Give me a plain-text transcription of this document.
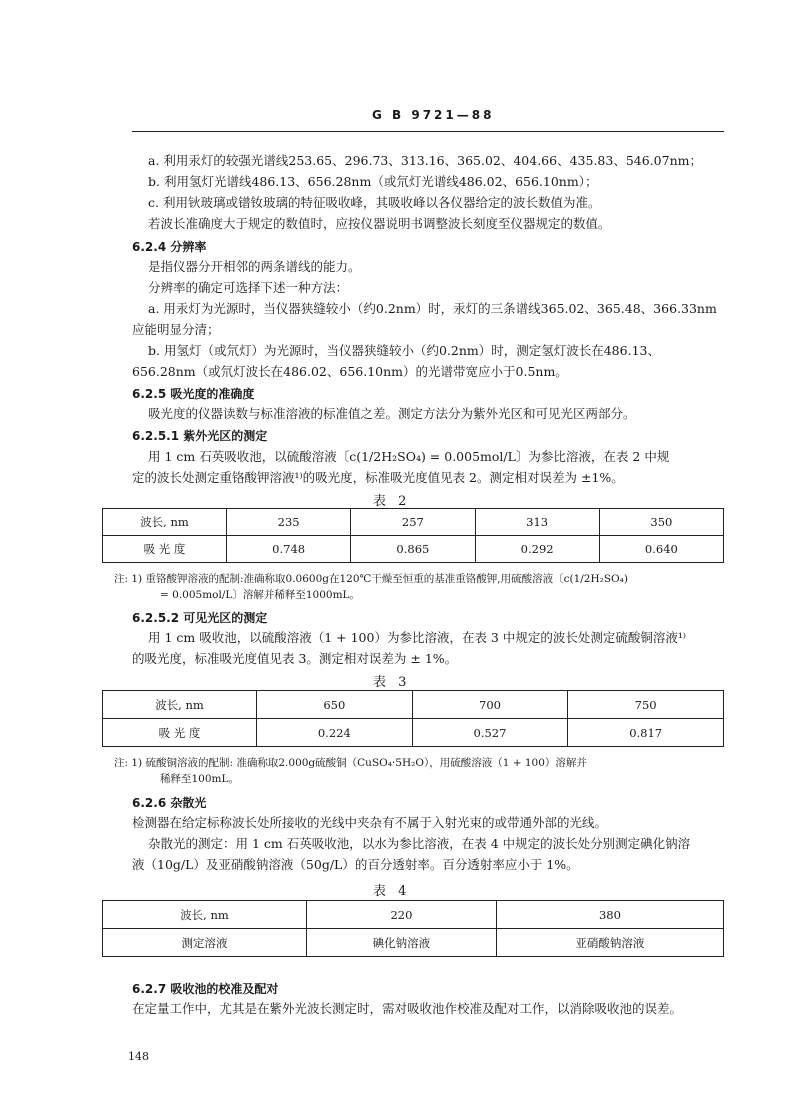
G B 9721—88
a. 利用汞灯的较强光谱线253.65、296.73、313.16、365.02、404.66、435.83、546.07nm；
b. 利用氢灯光谱线486.13、656.28nm（或氘灯光谱线486.02、656.10nm）；
c. 利用钬玻璃或镨钕玻璃的特征吸收峰，其吸收峰以各仪器给定的波长数值为准。
若波长准确度大于规定的数值时，应按仪器说明书调整波长刻度至仪器规定的数值。
6.2.4 分辨率
是指仪器分开相邻的两条谱线的能力。
分辨率的确定可选择下述一种方法：
a. 用汞灯为光源时，当仪器狭缝较小（约0.2nm）时，汞灯的三条谱线365.02、365.48、366.33nm
应能明显分清；
b. 用氢灯（或氘灯）为光源时，当仪器狭缝较小（约0.2nm）时，测定氢灯波长在486.13、
656.28nm（或氘灯波长在486.02、656.10nm）的光谱带宽应小于0.5nm。
6.2.5 吸光度的准确度
吸光度的仪器读数与标准溶液的标准值之差。测定方法分为紫外光区和可见光区两部分。
6.2.5.1 紫外光区的测定
用 1 cm 石英吸收池，以硫酸溶液〔c(1/2H₂SO₄) = 0.005mol/L〕为参比溶液，在表 2 中规
定的波长处测定重铬酸钾溶液¹⁾的吸光度，标准吸光度值见表 2。测定相对误差为 ±1%。
表 2
波长, nm	235	257	313	350
吸 光 度	0.748	0.865	0.292	0.640
注: 1) 重铬酸钾溶液的配制:准确称取0.0600g在120℃干燥至恒重的基准重铬酸钾,用硫酸溶液〔c(1/2H₂SO₄)
= 0.005mol/L〕溶解并稀释至1000mL。
6.2.5.2 可见光区的测定
用 1 cm 吸收池，以硫酸溶液（1 + 100）为参比溶液，在表 3 中规定的波长处测定硫酸铜溶液¹⁾
的吸光度，标准吸光度值见表 3。测定相对误差为 ± 1%。
表 3
波长, nm	650	700	750
吸 光 度	0.224	0.527	0.817
注: 1) 硫酸铜溶液的配制: 准确称取2.000g硫酸铜（CuSO₄·5H₂O），用硫酸溶液（1 + 100）溶解并
稀释至100mL。
6.2.6 杂散光
检测器在给定标称波长处所接收的光线中夹杂有不属于入射光束的或带通外部的光线。
杂散光的测定：用 1 cm 石英吸收池，以水为参比溶液，在表 4 中规定的波长处分别测定碘化钠溶
液（10g/L）及亚硝酸钠溶液（50g/L）的百分透射率。百分透射率应小于 1%。
表 4
波长, nm	220	380
测定溶液	碘化钠溶液	亚硝酸钠溶液
6.2.7 吸收池的校准及配对
在定量工作中，尤其是在紫外光波长测定时，需对吸收池作校准及配对工作，以消除吸收池的误差。
148
